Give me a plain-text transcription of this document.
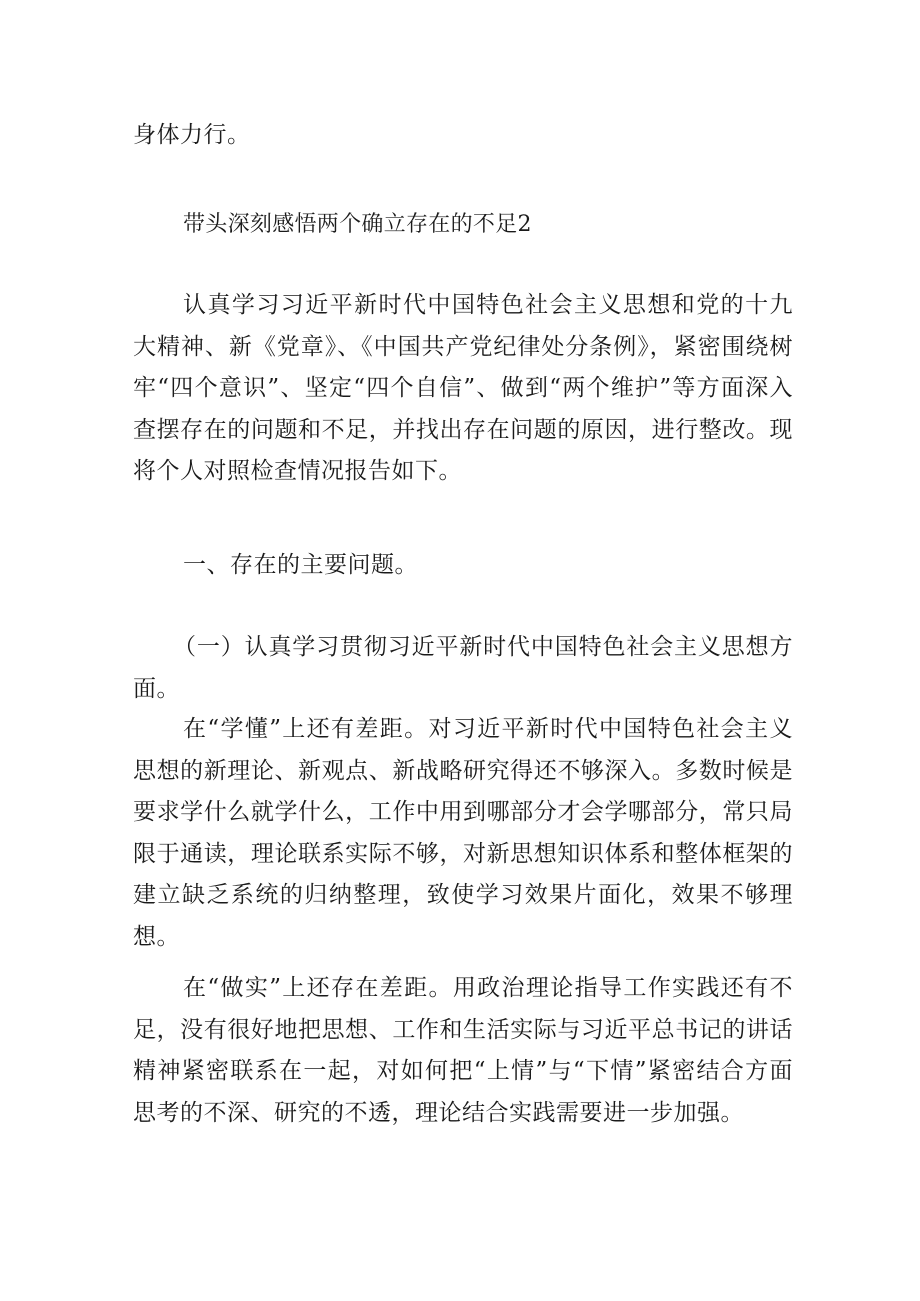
身体力行。

带头深刻感悟两个确立存在的不足2

认真学习习近平新时代中国特色社会主义思想和党的十九大精神、新《党章》、《中国共产党纪律处分条例》，紧密围绕树牢“四个意识”、坚定“四个自信”、做到“两个维护”等方面深入查摆存在的问题和不足，并找出存在问题的原因，进行整改。现将个人对照检查情况报告如下。

一、存在的主要问题。

（一）认真学习贯彻习近平新时代中国特色社会主义思想方面。

在“学懂”上还有差距。对习近平新时代中国特色社会主义思想的新理论、新观点、新战略研究得还不够深入。多数时候是要求学什么就学什么，工作中用到哪部分才会学哪部分，常只局限于通读，理论联系实际不够，对新思想知识体系和整体框架的建立缺乏系统的归纳整理，致使学习效果片面化，效果不够理想。

在“做实”上还存在差距。用政治理论指导工作实践还有不足，没有很好地把思想、工作和生活实际与习近平总书记的讲话精神紧密联系在一起，对如何把“上情”与“下情”紧密结合方面思考的不深、研究的不透，理论结合实践需要进一步加强。
